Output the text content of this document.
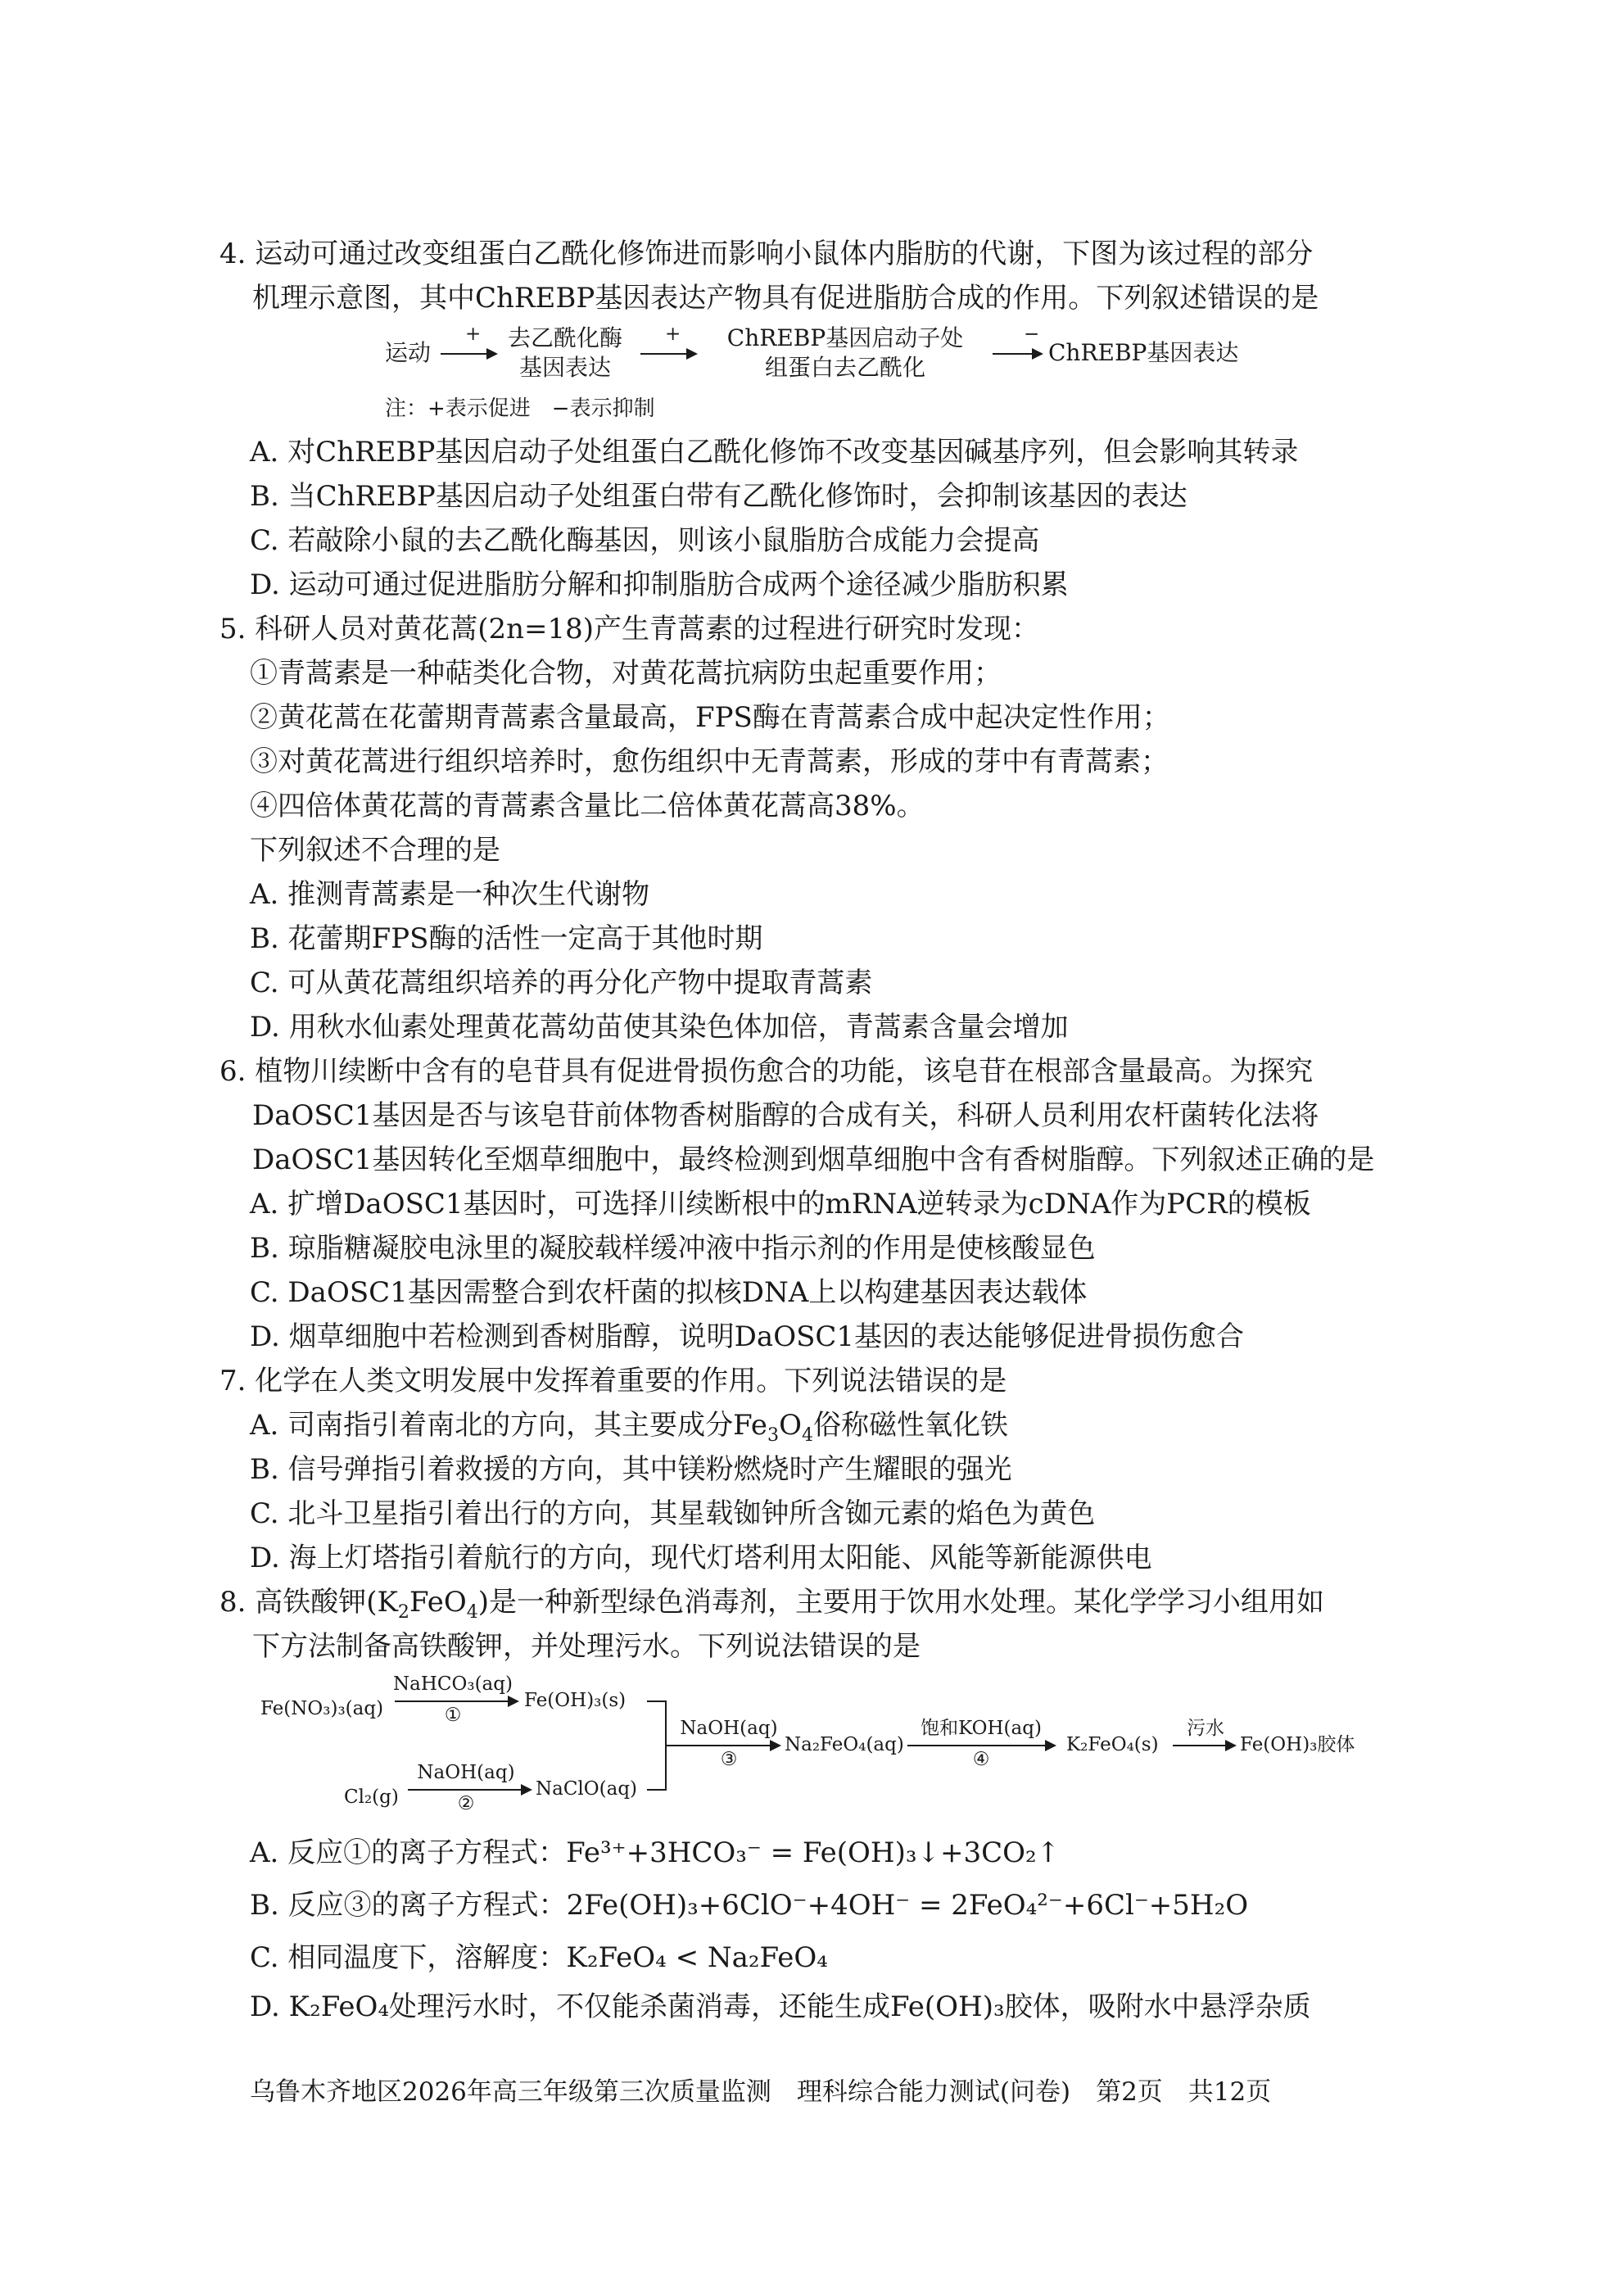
4. 运动可通过改变组蛋白乙酰化修饰进而影响小鼠体内脂肪的代谢，下图为该过程的部分
机理示意图，其中ChREBP基因表达产物具有促进脂肪合成的作用。下列叙述错误的是
运动
+	去乙酰化酶
基因表达
+	ChREBP基因启动子处
组蛋白去乙酰化
−
ChREBP基因表达
注：+表示促进　−表示抑制
A. 对ChREBP基因启动子处组蛋白乙酰化修饰不改变基因碱基序列，但会影响其转录
B. 当ChREBP基因启动子处组蛋白带有乙酰化修饰时，会抑制该基因的表达
C. 若敲除小鼠的去乙酰化酶基因，则该小鼠脂肪合成能力会提高
D. 运动可通过促进脂肪分解和抑制脂肪合成两个途径减少脂肪积累
5. 科研人员对黄花蒿(2n=18)产生青蒿素的过程进行研究时发现：
①青蒿素是一种萜类化合物，对黄花蒿抗病防虫起重要作用；
②黄花蒿在花蕾期青蒿素含量最高，FPS酶在青蒿素合成中起决定性作用；
③对黄花蒿进行组织培养时，愈伤组织中无青蒿素，形成的芽中有青蒿素；
④四倍体黄花蒿的青蒿素含量比二倍体黄花蒿高38%。
下列叙述不合理的是
A. 推测青蒿素是一种次生代谢物
B. 花蕾期FPS酶的活性一定高于其他时期
C. 可从黄花蒿组织培养的再分化产物中提取青蒿素
D. 用秋水仙素处理黄花蒿幼苗使其染色体加倍，青蒿素含量会增加
6. 植物川续断中含有的皂苷具有促进骨损伤愈合的功能，该皂苷在根部含量最高。为探究
DaOSC1基因是否与该皂苷前体物香树脂醇的合成有关，科研人员利用农杆菌转化法将
DaOSC1基因转化至烟草细胞中，最终检测到烟草细胞中含有香树脂醇。下列叙述正确的是
A. 扩增DaOSC1基因时，可选择川续断根中的mRNA逆转录为cDNA作为PCR的模板
B. 琼脂糖凝胶电泳里的凝胶载样缓冲液中指示剂的作用是使核酸显色
C. DaOSC1基因需整合到农杆菌的拟核DNA上以构建基因表达载体
D. 烟草细胞中若检测到香树脂醇，说明DaOSC1基因的表达能够促进骨损伤愈合
7. 化学在人类文明发展中发挥着重要的作用。下列说法错误的是
A. 司南指引着南北的方向，其主要成分$Fe_3O_4$俗称磁性氧化铁
B. 信号弹指引着救援的方向，其中镁粉燃烧时产生耀眼的强光
C. 北斗卫星指引着出行的方向，其星载铷钟所含铷元素的焰色为黄色
D. 海上灯塔指引着航行的方向，现代灯塔利用太阳能、风能等新能源供电
8. 高铁酸钾$(K_2FeO_4)$是一种新型绿色消毒剂，主要用于饮用水处理。某化学学习小组用如
下方法制备高铁酸钾，并处理污水。下列说法错误的是
Fe(NO₃)₃(aq)
NaHCO₃(aq)
①
Fe(OH)₃(s)
Cl₂(g)
NaOH(aq)
②
NaClO(aq)
NaOH(aq)
③
Na₂FeO₄(aq)
饱和KOH(aq)
④
K₂FeO₄(s)
污水
Fe(OH)₃胶体
A. 反应①的离子方程式：Fe³⁺+3HCO₃⁻ = Fe(OH)₃↓+3CO₂↑
B. 反应③的离子方程式：2Fe(OH)₃+6ClO⁻+4OH⁻ = 2FeO₄²⁻+6Cl⁻+5H₂O
C. 相同温度下，溶解度：K₂FeO₄ < Na₂FeO₄
D. K₂FeO₄处理污水时，不仅能杀菌消毒，还能生成Fe(OH)₃胶体，吸附水中悬浮杂质
乌鲁木齐地区2026年高三年级第三次质量监测　理科综合能力测试(问卷)　第2页　共12页
